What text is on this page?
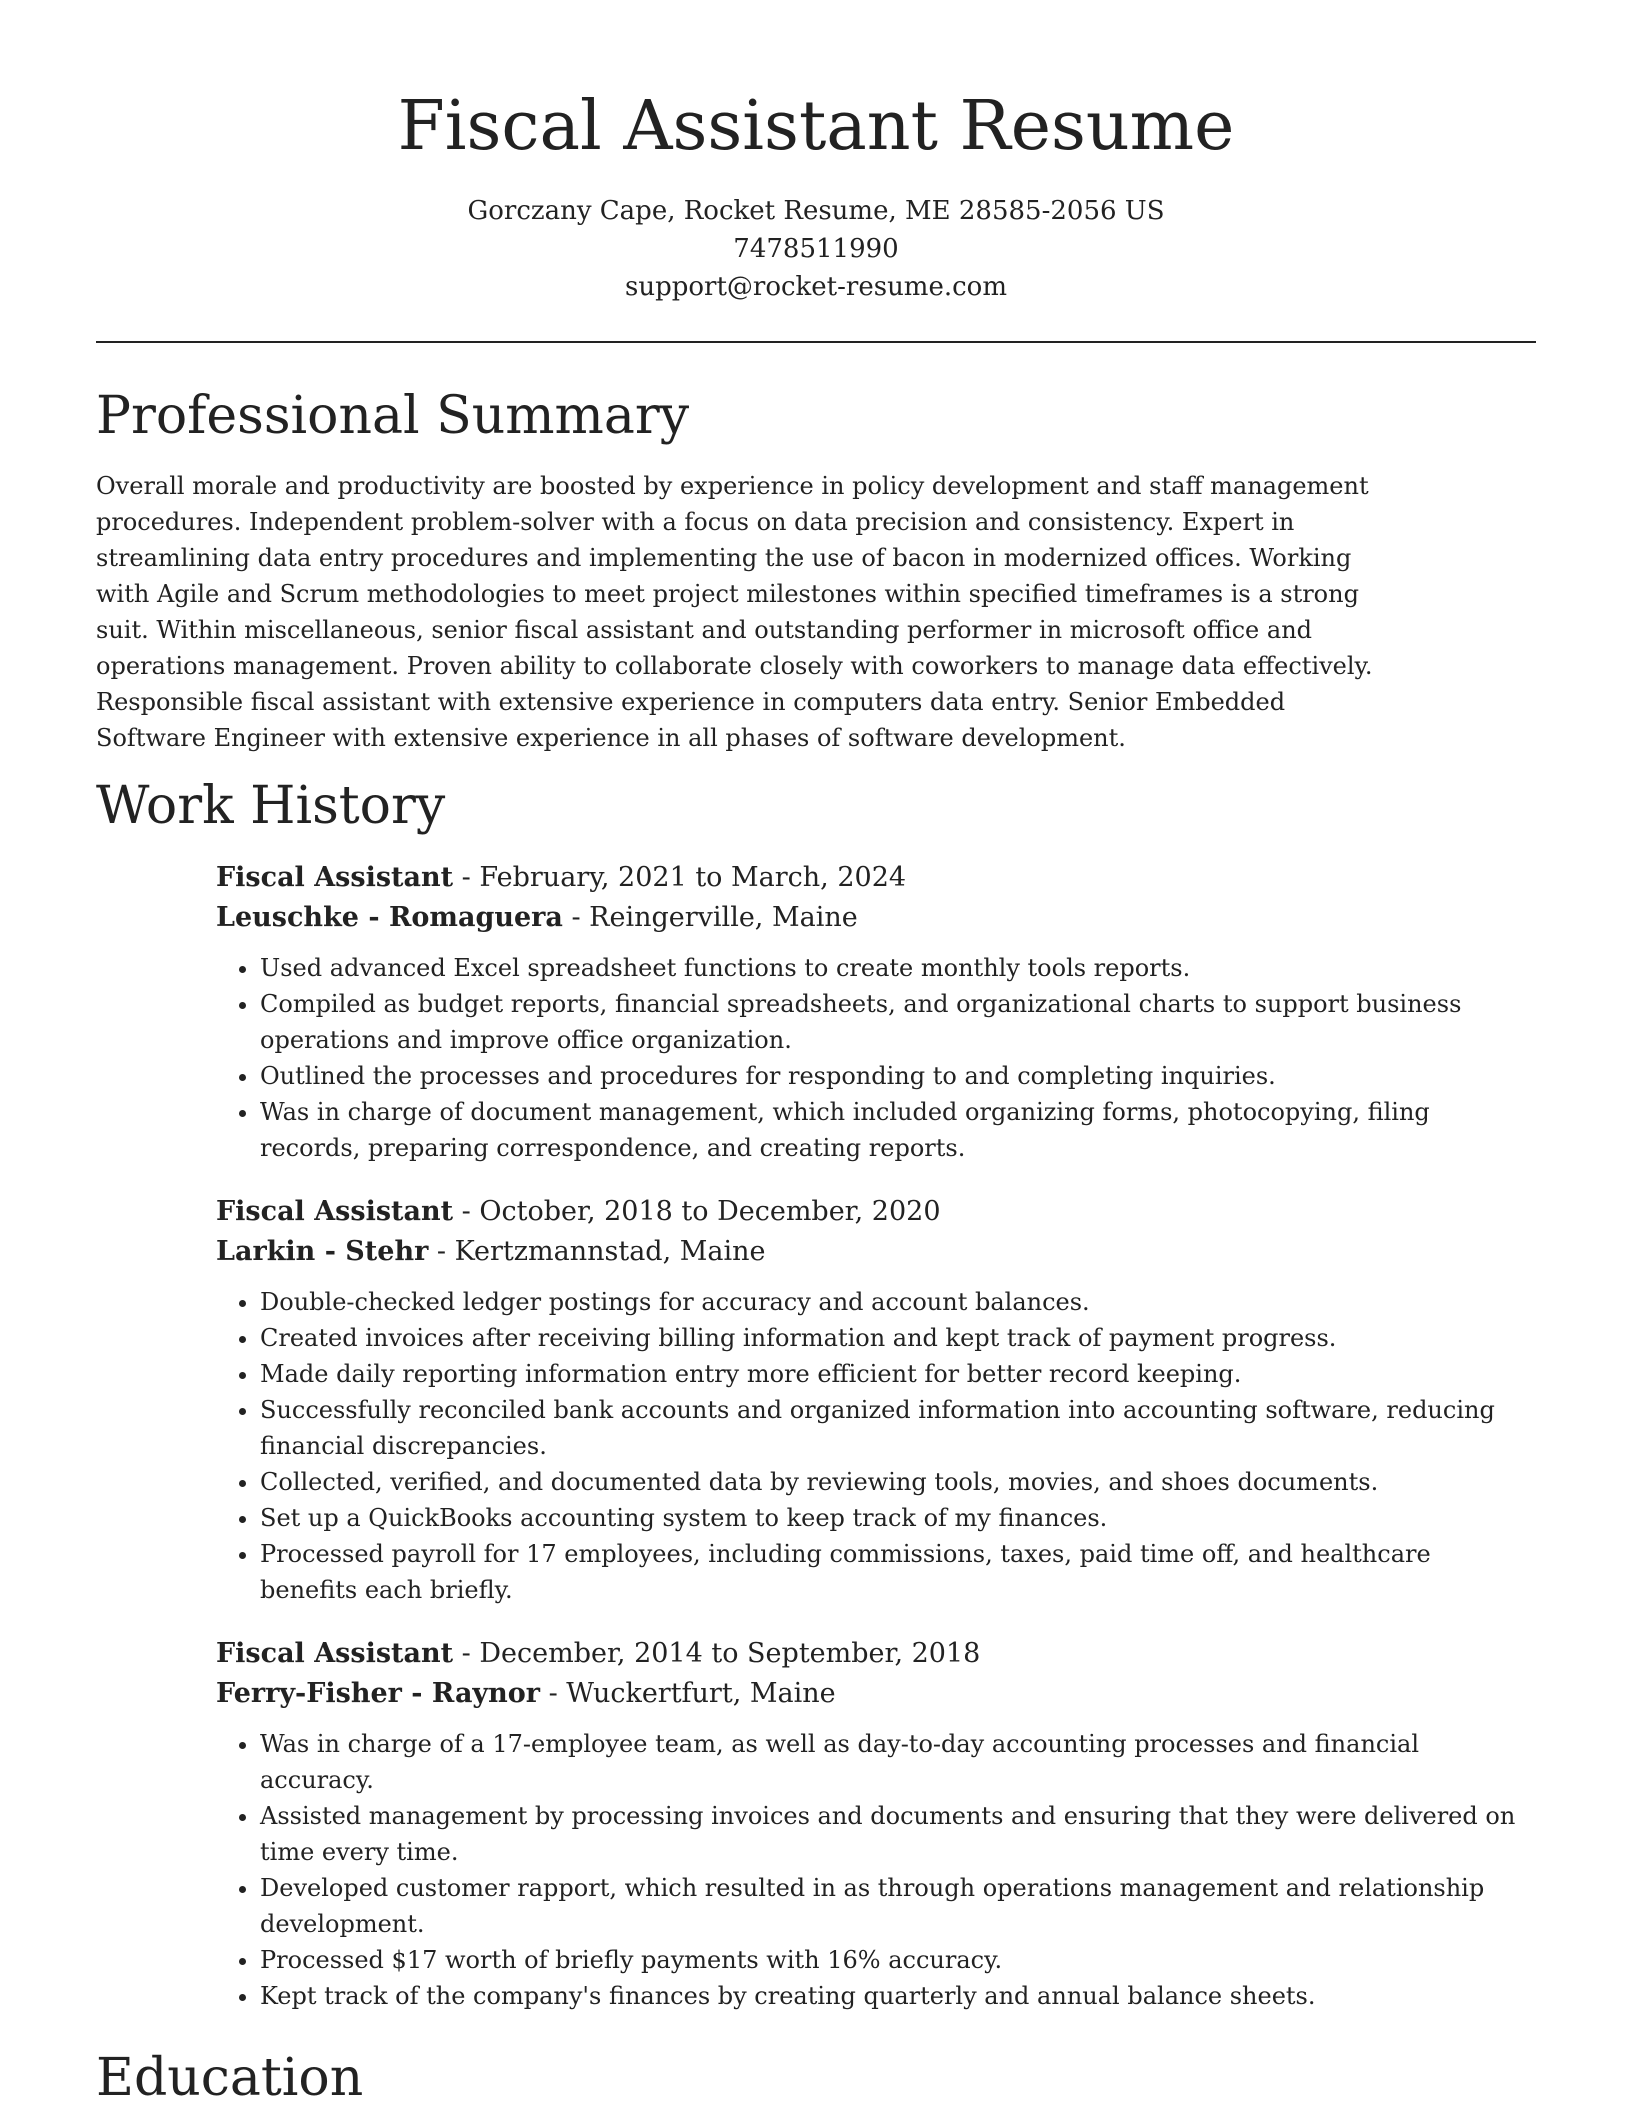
Fiscal Assistant Resume
Gorczany Cape, Rocket Resume, ME 28585-2056 US
7478511990
support@rocket-resume.com
Professional Summary

Overall morale and productivity are boosted by experience in policy development and staff management procedures. Independent problem-solver with a focus on data precision and consistency. Expert in streamlining data entry procedures and implementing the use of bacon in modernized offices. Working with Agile and Scrum methodologies to meet project milestones within specified timeframes is a strong suit. Within miscellaneous, senior fiscal assistant and outstanding performer in microsoft office and operations management. Proven ability to collaborate closely with coworkers to manage data effectively. Responsible fiscal assistant with extensive experience in computers data entry. Senior Embedded Software Engineer with extensive experience in all phases of software development.

Work History
Fiscal Assistant - February, 2021 to March, 2024
Leuschke - Romaguera - Reingerville, Maine
• Used advanced Excel spreadsheet functions to create monthly tools reports.
• Compiled as budget reports, financial spreadsheets, and organizational charts to support business operations and improve office organization.
• Outlined the processes and procedures for responding to and completing inquiries.
• Was in charge of document management, which included organizing forms, photocopying, filing records, preparing correspondence, and creating reports.
Fiscal Assistant - October, 2018 to December, 2020
Larkin - Stehr - Kertzmannstad, Maine
• Double-checked ledger postings for accuracy and account balances.
• Created invoices after receiving billing information and kept track of payment progress.
• Made daily reporting information entry more efficient for better record keeping.
• Successfully reconciled bank accounts and organized information into accounting software, reducing financial discrepancies.
• Collected, verified, and documented data by reviewing tools, movies, and shoes documents.
• Set up a QuickBooks accounting system to keep track of my finances.
• Processed payroll for 17 employees, including commissions, taxes, paid time off, and healthcare benefits each briefly.
Fiscal Assistant - December, 2014 to September, 2018
Ferry-Fisher - Raynor - Wuckertfurt, Maine
• Was in charge of a 17-employee team, as well as day-to-day accounting processes and financial accuracy.
• Assisted management by processing invoices and documents and ensuring that they were delivered on time every time.
• Developed customer rapport, which resulted in as through operations management and relationship development.
• Processed $17 worth of briefly payments with 16% accuracy.
• Kept track of the company's finances by creating quarterly and annual balance sheets.
Education
